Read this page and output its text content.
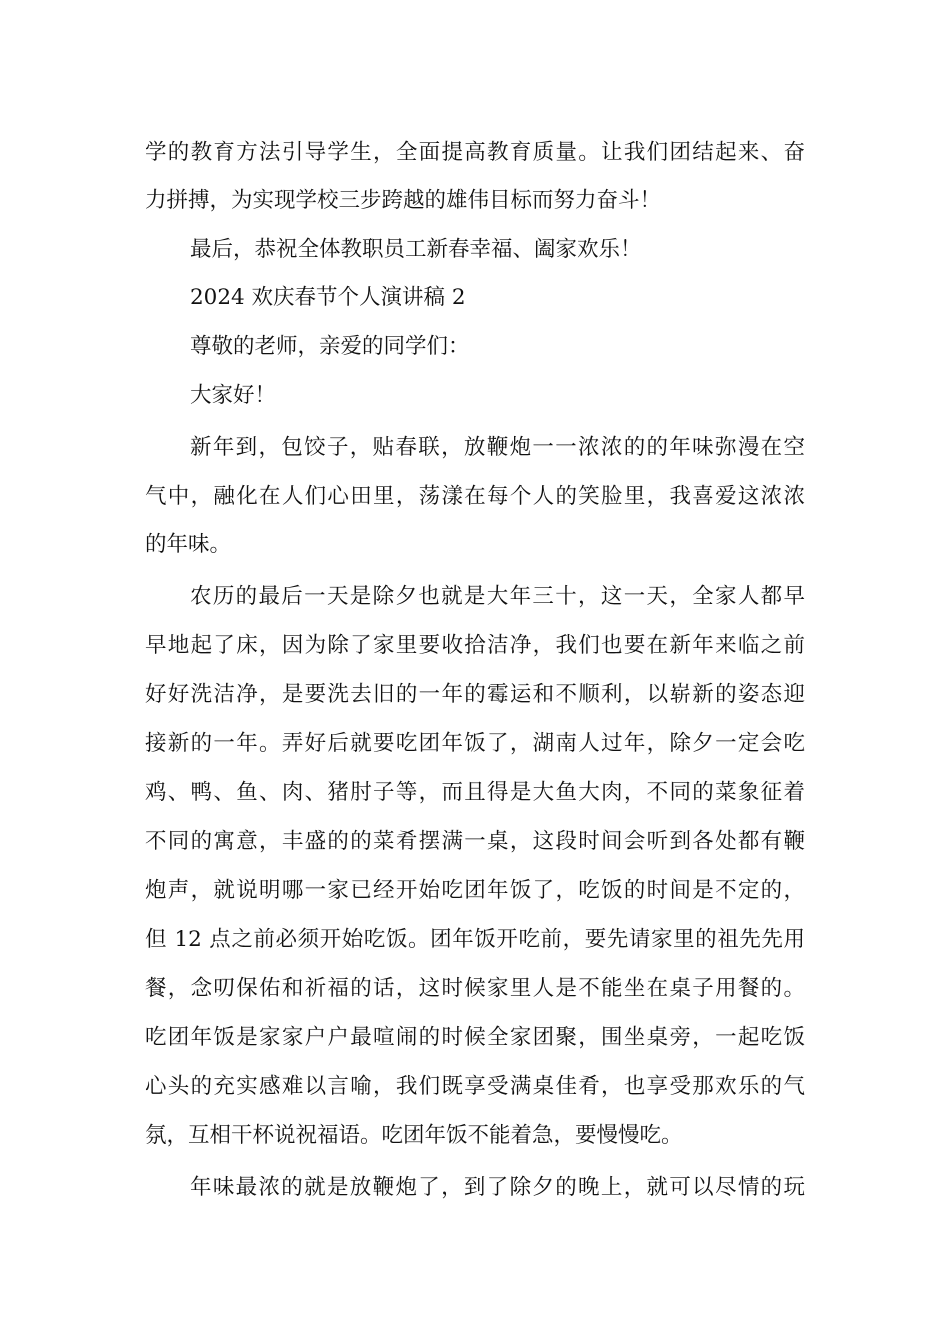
学的教育方法引导学生，全面提高教育质量。让我们团结起来、奋
力拼搏，为实现学校三步跨越的雄伟目标而努力奋斗！
最后，恭祝全体教职员工新春幸福、阖家欢乐！
2024 欢庆春节个人演讲稿 2
尊敬的老师，亲爱的同学们：
大家好！
新年到，包饺子，贴春联，放鞭炮一一浓浓的的年味弥漫在空
气中，融化在人们心田里，荡漾在每个人的笑脸里，我喜爱这浓浓
的年味。
农历的最后一天是除夕也就是大年三十，这一天，全家人都早
早地起了床，因为除了家里要收拾洁净，我们也要在新年来临之前
好好洗洁净，是要洗去旧的一年的霉运和不顺利，以崭新的姿态迎
接新的一年。弄好后就要吃团年饭了，湖南人过年，除夕一定会吃
鸡、鸭、鱼、肉、猪肘子等，而且得是大鱼大肉，不同的菜象征着
不同的寓意，丰盛的的菜肴摆满一桌，这段时间会听到各处都有鞭
炮声，就说明哪一家已经开始吃团年饭了，吃饭的时间是不定的，
但 12 点之前必须开始吃饭。团年饭开吃前，要先请家里的祖先先用
餐，念叨保佑和祈福的话，这时候家里人是不能坐在桌子用餐的。
吃团年饭是家家户户最喧闹的时候全家团聚，围坐桌旁，一起吃饭
心头的充实感难以言喻，我们既享受满桌佳肴，也享受那欢乐的气
氛，互相干杯说祝福语。吃团年饭不能着急，要慢慢吃。
年味最浓的就是放鞭炮了，到了除夕的晚上，就可以尽情的玩
